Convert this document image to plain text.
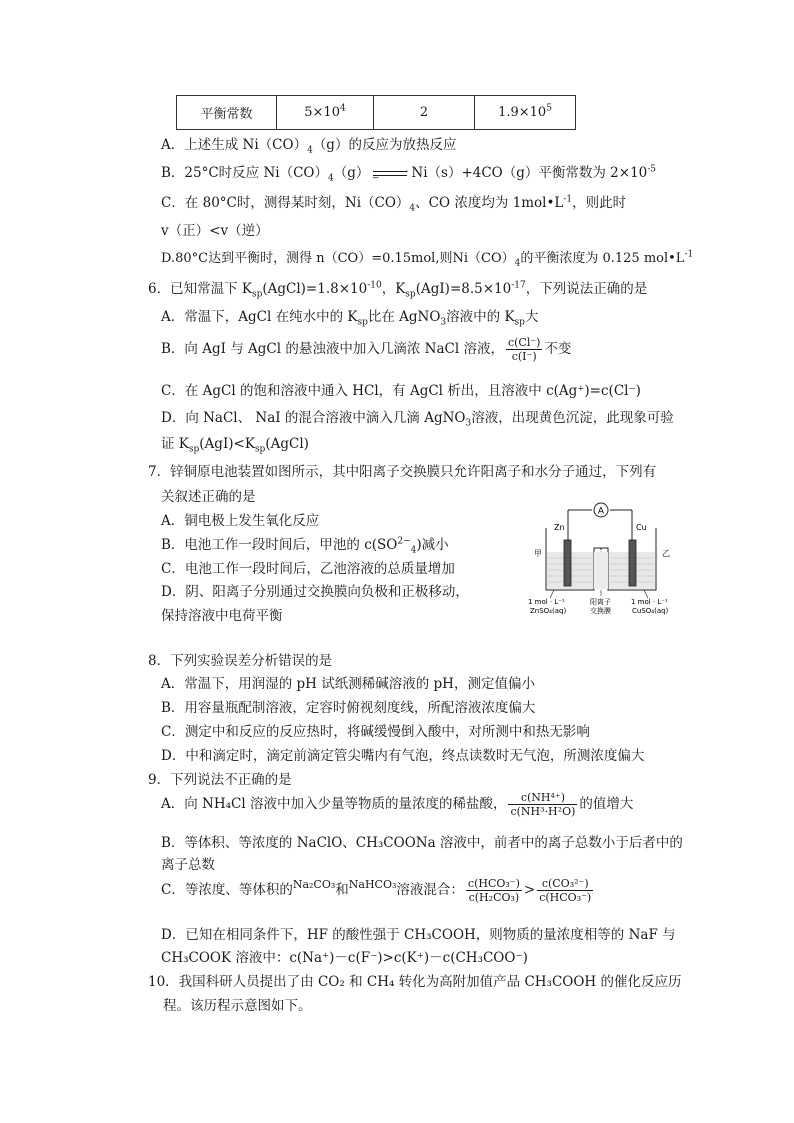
平衡常数	$5\times 10^4$	2	$1.9\times 10^5$
A．上述生成 $Ni(CO)_4(g)$的反应为放热反应
B．25°C时反应 $Ni(CO)_4(g)$	⇀
↽ Ni（s）+4CO（g）平衡常数为 $2\times 10^{-5}$
C．在 80°C时，测得某时刻，$Ni(CO)_4$、CO 浓度均为 $1mol•L^{-1}$，则此时
v（正）<v（逆）
D.80°C达到平衡时，测得 n（CO）=0.15mol,则$Ni(CO)_4$的平衡浓度为 0.125 $mol•L^{-1}$
6．已知常温下 $K_{sp}(AgCl)=1.8\times 10^{-10}$，$K_{sp}(AgI)=8.5\times 10^{-17}$，下列说法正确的是
A．常温下，AgCl 在纯水中的 $K_{sp}$比在 AgNO$_3$溶液中的 $K_{sp}$大
B．向 AgI 与 AgCl 的悬浊液中加入几滴浓 NaCl 溶液， $\frac{c(Cl^-)}{c(I^-)}$ 不变
C．在 AgCl 的饱和溶液中通入 HCl，有 AgCl 析出，且溶液中 c(Ag⁺)=c(Cl⁻)
D．向 NaCl、 NaI 的混合溶液中滴入几滴 AgNO$_3$溶液，出现黄色沉淀，此现象可验
证 $K_{sp}(AgI)<K_{sp}(AgCl)$
7．锌铜原电池装置如图所示，其中阳离子交换膜只允许阳离子和水分子通过，下列有
关叙述正确的是
A．铜电极上发生氧化反应
B．电池工作一段时间后，甲池的 $c(SO^{2-}_4)$减小
C．电池工作一段时间后，乙池溶液的总质量增加
D．阴、阳离子分别通过交换膜向负极和正极移动，
保持溶液中电荷平衡
A
Zn	Cu
甲	乙
1 mol · L⁻¹
ZnSO₄(aq)
阳离子
交换膜
1 mol · L⁻¹
CuSO₄(aq)
8．下列实验误差分析错误的是
A．常温下，用润湿的 pH 试纸测稀碱溶液的 pH，测定值偏小
B．用容量瓶配制溶液，定容时俯视刻度线，所配溶液浓度偏大
C．测定中和反应的反应热时，将碱缓慢倒入酸中，对所测中和热无影响
D．中和滴定时，滴定前滴定管尖嘴内有气泡，终点读数时无气泡，所测浓度偏大
9．下列说法不正确的是
A．向 NH₄Cl 溶液中加入少量等物质的量浓度的稀盐酸， $\frac{\text{c(NH⁴⁺)}}{\text{c(NH³·H²O)}}$ 的值增大
B．等体积、等浓度的 NaClO、CH₃COONa 溶液中，前者中的离子总数小于后者中的
离子总数
C．等浓度、等体积的$^{Na_2CO_3}$和$^{NaHCO_3}$溶液混合： $\frac{\text{c(HCO₃⁻)}}{\text{c(H₂CO₃)}} > \frac{\text{c(CO₃²⁻)}}{\text{c(HCO₃⁻)}}$
D．已知在相同条件下，HF 的酸性强于 CH₃COOH，则物质的量浓度相等的 NaF 与
CH₃COOK 溶液中：c(Na⁺)－c(F⁻)>c(K⁺)－c(CH₃COO⁻)
10．我国科研人员提出了由 CO₂ 和 CH₄ 转化为高附加值产品 CH₃COOH 的催化反应历
程。该历程示意图如下。
